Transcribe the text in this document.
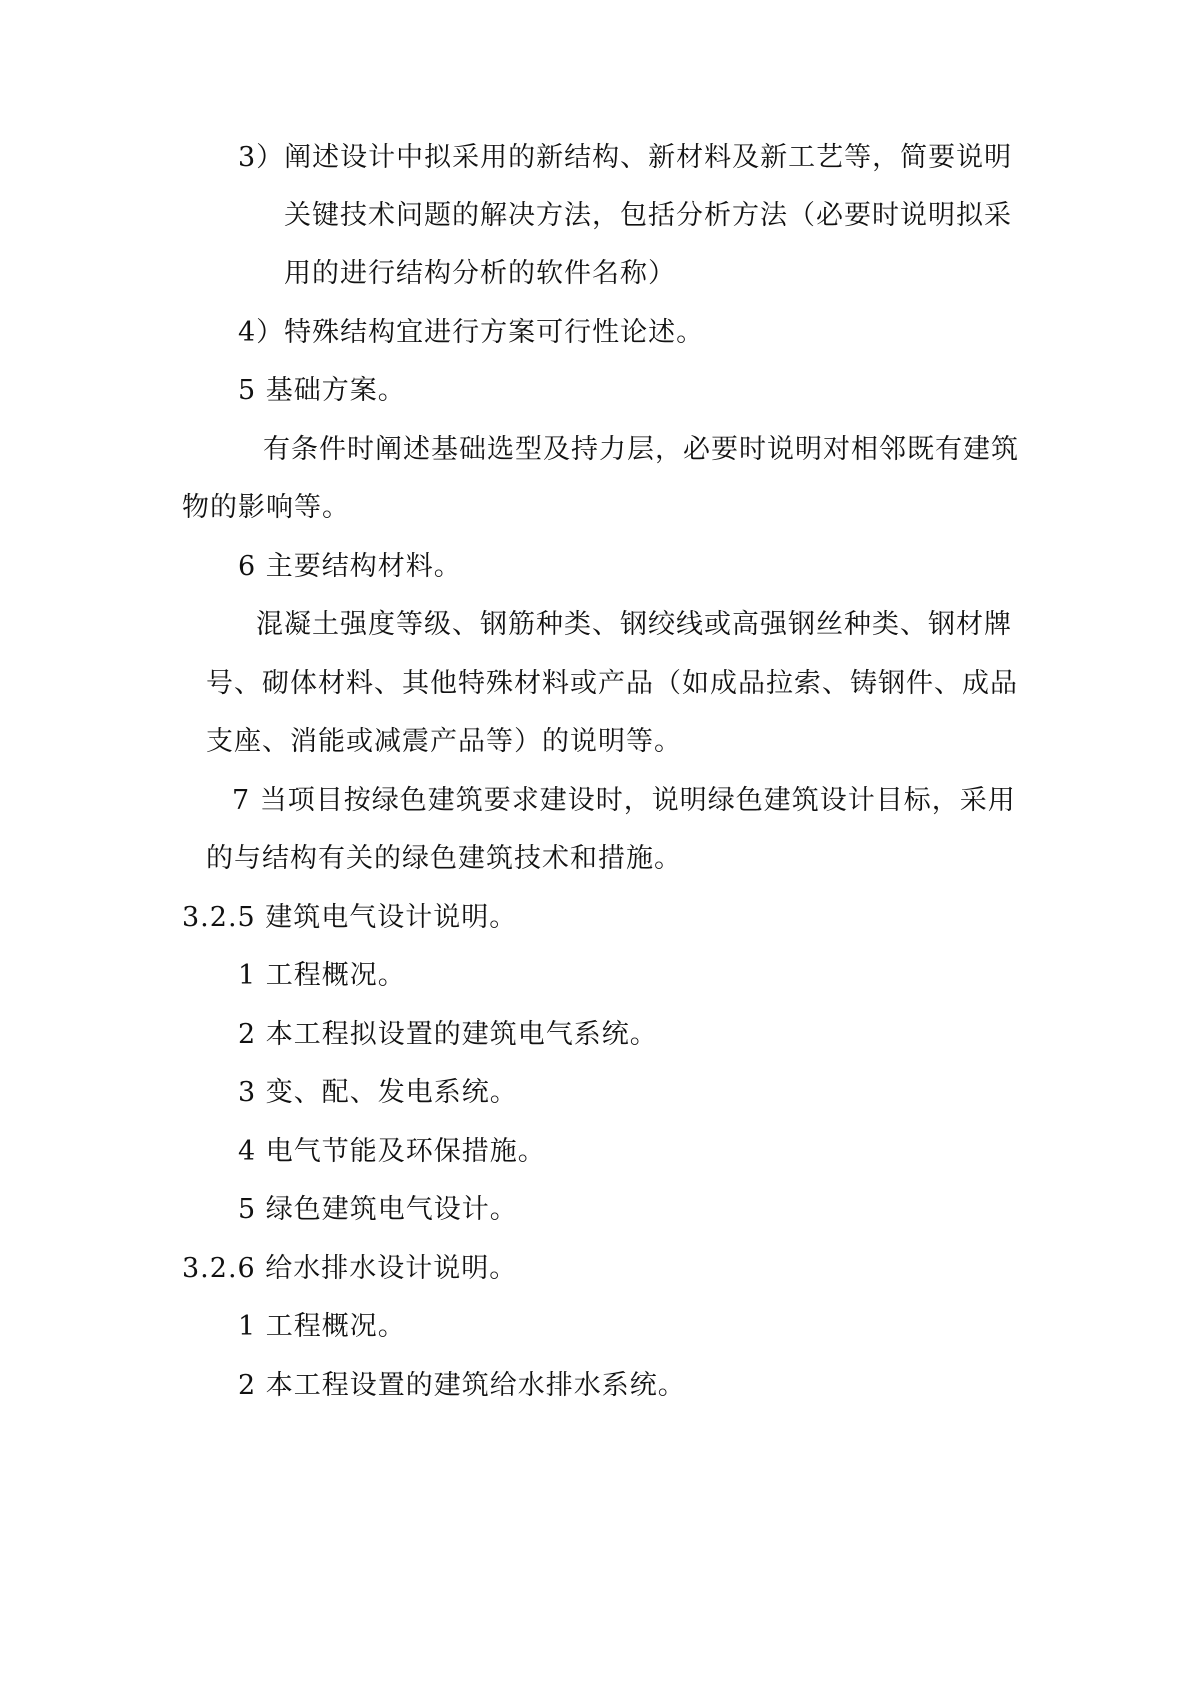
3）阐述设计中拟采用的新结构、新材料及新工艺等，简要说明
关键技术问题的解决方法，包括分析方法（必要时说明拟采
用的进行结构分析的软件名称）
4）特殊结构宜进行方案可行性论述。
5 基础方案。
有条件时阐述基础选型及持力层，必要时说明对相邻既有建筑
物的影响等。
6 主要结构材料。
混凝土强度等级、钢筋种类、钢绞线或高强钢丝种类、钢材牌
号、砌体材料、其他特殊材料或产品（如成品拉索、铸钢件、成品
支座、消能或减震产品等）的说明等。
7 当项目按绿色建筑要求建设时，说明绿色建筑设计目标，采用
的与结构有关的绿色建筑技术和措施。
3.2.5 建筑电气设计说明。
1 工程概况。
2 本工程拟设置的建筑电气系统。
3 变、配、发电系统。
4 电气节能及环保措施。
5 绿色建筑电气设计。
3.2.6 给水排水设计说明。
1 工程概况。
2 本工程设置的建筑给水排水系统。
